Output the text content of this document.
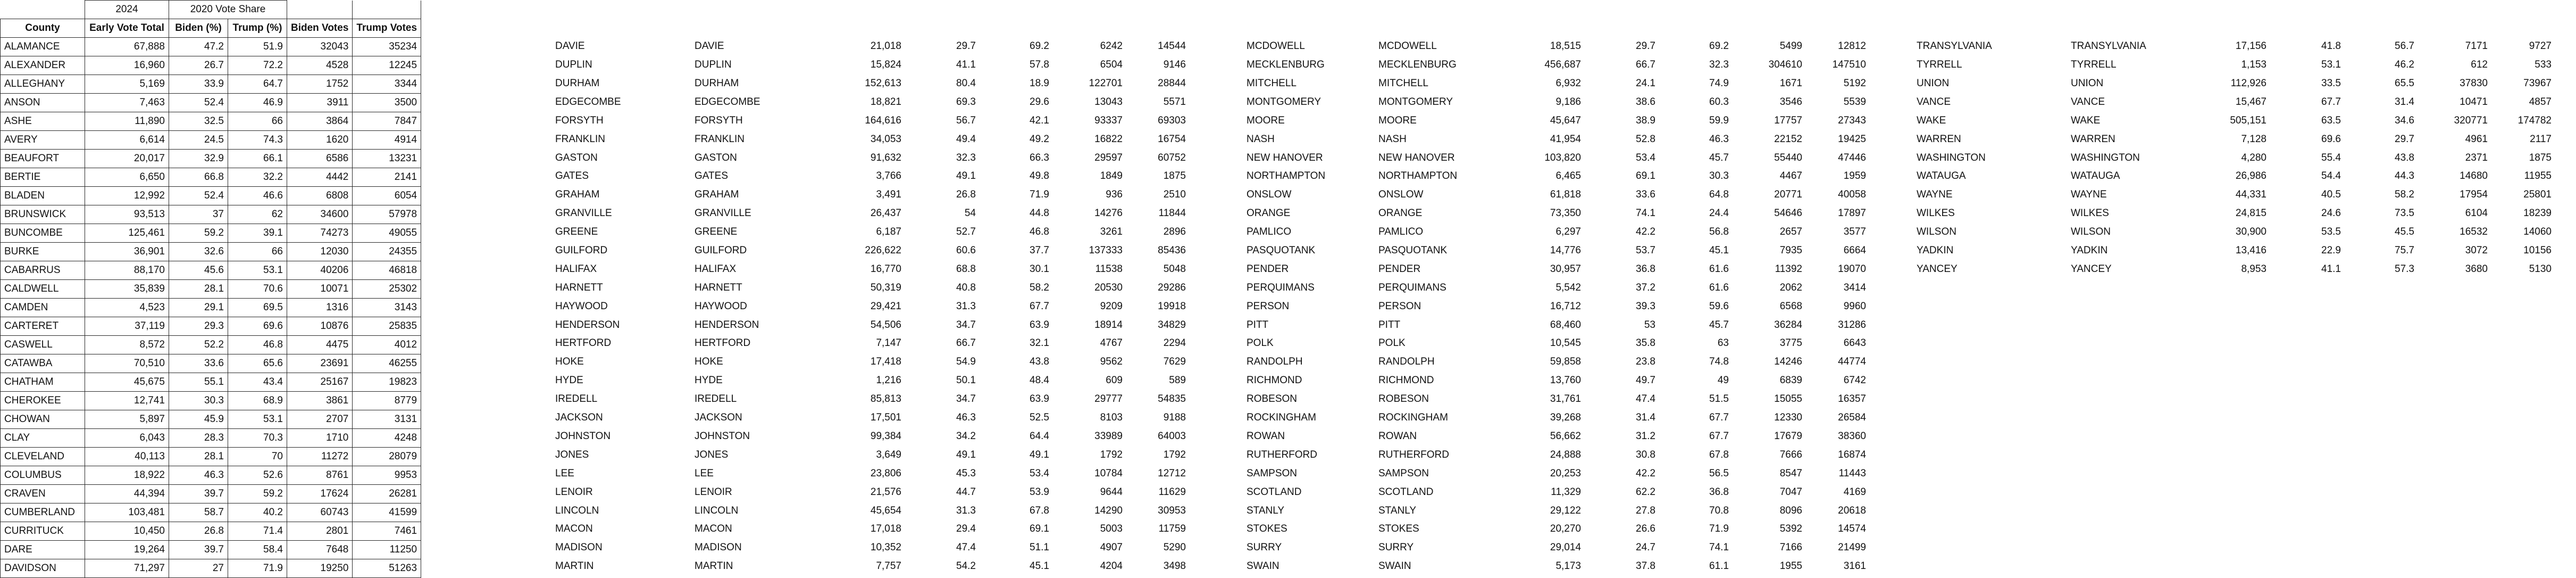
	2024	2020 Vote Share			
County	Early Vote Total	Biden (%)	Trump (%)	Biden Votes	Trump Votes
ALAMANCE	67,888	47.2	51.9	32043	35234
ALEXANDER	16,960	26.7	72.2	4528	12245
ALLEGHANY	5,169	33.9	64.7	1752	3344
ANSON	7,463	52.4	46.9	3911	3500
ASHE	11,890	32.5	66	3864	7847
AVERY	6,614	24.5	74.3	1620	4914
BEAUFORT	20,017	32.9	66.1	6586	13231
BERTIE	6,650	66.8	32.2	4442	2141
BLADEN	12,992	52.4	46.6	6808	6054
BRUNSWICK	93,513	37	62	34600	57978
BUNCOMBE	125,461	59.2	39.1	74273	49055
BURKE	36,901	32.6	66	12030	24355
CABARRUS	88,170	45.6	53.1	40206	46818
CALDWELL	35,839	28.1	70.6	10071	25302
CAMDEN	4,523	29.1	69.5	1316	3143
CARTERET	37,119	29.3	69.6	10876	25835
CASWELL	8,572	52.2	46.8	4475	4012
CATAWBA	70,510	33.6	65.6	23691	46255
CHATHAM	45,675	55.1	43.4	25167	19823
CHEROKEE	12,741	30.3	68.9	3861	8779
CHOWAN	5,897	45.9	53.1	2707	3131
CLAY	6,043	28.3	70.3	1710	4248
CLEVELAND	40,113	28.1	70	11272	28079
COLUMBUS	18,922	46.3	52.6	8761	9953
CRAVEN	44,394	39.7	59.2	17624	26281
CUMBERLAND	103,481	58.7	40.2	60743	41599
CURRITUCK	10,450	26.8	71.4	2801	7461
DARE	19,264	39.7	58.4	7648	11250
DAVIDSON	71,297	27	71.9	19250	51263
DAVIE	DAVIE	21,018	29.7	69.2	6242	14544
DUPLIN	DUPLIN	15,824	41.1	57.8	6504	9146
DURHAM	DURHAM	152,613	80.4	18.9	122701	28844
EDGECOMBE	EDGECOMBE	18,821	69.3	29.6	13043	5571
FORSYTH	FORSYTH	164,616	56.7	42.1	93337	69303
FRANKLIN	FRANKLIN	34,053	49.4	49.2	16822	16754
GASTON	GASTON	91,632	32.3	66.3	29597	60752
GATES	GATES	3,766	49.1	49.8	1849	1875
GRAHAM	GRAHAM	3,491	26.8	71.9	936	2510
GRANVILLE	GRANVILLE	26,437	54	44.8	14276	11844
GREENE	GREENE	6,187	52.7	46.8	3261	2896
GUILFORD	GUILFORD	226,622	60.6	37.7	137333	85436
HALIFAX	HALIFAX	16,770	68.8	30.1	11538	5048
HARNETT	HARNETT	50,319	40.8	58.2	20530	29286
HAYWOOD	HAYWOOD	29,421	31.3	67.7	9209	19918
HENDERSON	HENDERSON	54,506	34.7	63.9	18914	34829
HERTFORD	HERTFORD	7,147	66.7	32.1	4767	2294
HOKE	HOKE	17,418	54.9	43.8	9562	7629
HYDE	HYDE	1,216	50.1	48.4	609	589
IREDELL	IREDELL	85,813	34.7	63.9	29777	54835
JACKSON	JACKSON	17,501	46.3	52.5	8103	9188
JOHNSTON	JOHNSTON	99,384	34.2	64.4	33989	64003
JONES	JONES	3,649	49.1	49.1	1792	1792
LEE	LEE	23,806	45.3	53.4	10784	12712
LENOIR	LENOIR	21,576	44.7	53.9	9644	11629
LINCOLN	LINCOLN	45,654	31.3	67.8	14290	30953
MACON	MACON	17,018	29.4	69.1	5003	11759
MADISON	MADISON	10,352	47.4	51.1	4907	5290
MARTIN	MARTIN	7,757	54.2	45.1	4204	3498
MCDOWELL	MCDOWELL	18,515	29.7	69.2	5499	12812
MECKLENBURG	MECKLENBURG	456,687	66.7	32.3	304610	147510
MITCHELL	MITCHELL	6,932	24.1	74.9	1671	5192
MONTGOMERY	MONTGOMERY	9,186	38.6	60.3	3546	5539
MOORE	MOORE	45,647	38.9	59.9	17757	27343
NASH	NASH	41,954	52.8	46.3	22152	19425
NEW HANOVER	NEW HANOVER	103,820	53.4	45.7	55440	47446
NORTHAMPTON	NORTHAMPTON	6,465	69.1	30.3	4467	1959
ONSLOW	ONSLOW	61,818	33.6	64.8	20771	40058
ORANGE	ORANGE	73,350	74.1	24.4	54646	17897
PAMLICO	PAMLICO	6,297	42.2	56.8	2657	3577
PASQUOTANK	PASQUOTANK	14,776	53.7	45.1	7935	6664
PENDER	PENDER	30,957	36.8	61.6	11392	19070
PERQUIMANS	PERQUIMANS	5,542	37.2	61.6	2062	3414
PERSON	PERSON	16,712	39.3	59.6	6568	9960
PITT	PITT	68,460	53	45.7	36284	31286
POLK	POLK	10,545	35.8	63	3775	6643
RANDOLPH	RANDOLPH	59,858	23.8	74.8	14246	44774
RICHMOND	RICHMOND	13,760	49.7	49	6839	6742
ROBESON	ROBESON	31,761	47.4	51.5	15055	16357
ROCKINGHAM	ROCKINGHAM	39,268	31.4	67.7	12330	26584
ROWAN	ROWAN	56,662	31.2	67.7	17679	38360
RUTHERFORD	RUTHERFORD	24,888	30.8	67.8	7666	16874
SAMPSON	SAMPSON	20,253	42.2	56.5	8547	11443
SCOTLAND	SCOTLAND	11,329	62.2	36.8	7047	4169
STANLY	STANLY	29,122	27.8	70.8	8096	20618
STOKES	STOKES	20,270	26.6	71.9	5392	14574
SURRY	SURRY	29,014	24.7	74.1	7166	21499
SWAIN	SWAIN	5,173	37.8	61.1	1955	3161
TRANSYLVANIA	TRANSYLVANIA	17,156	41.8	56.7	7171	9727
TYRRELL	TYRRELL	1,153	53.1	46.2	612	533
UNION	UNION	112,926	33.5	65.5	37830	73967
VANCE	VANCE	15,467	67.7	31.4	10471	4857
WAKE	WAKE	505,151	63.5	34.6	320771	174782
WARREN	WARREN	7,128	69.6	29.7	4961	2117
WASHINGTON	WASHINGTON	4,280	55.4	43.8	2371	1875
WATAUGA	WATAUGA	26,986	54.4	44.3	14680	11955
WAYNE	WAYNE	44,331	40.5	58.2	17954	25801
WILKES	WILKES	24,815	24.6	73.5	6104	18239
WILSON	WILSON	30,900	53.5	45.5	16532	14060
YADKIN	YADKIN	13,416	22.9	75.7	3072	10156
YANCEY	YANCEY	8,953	41.1	57.3	3680	5130
